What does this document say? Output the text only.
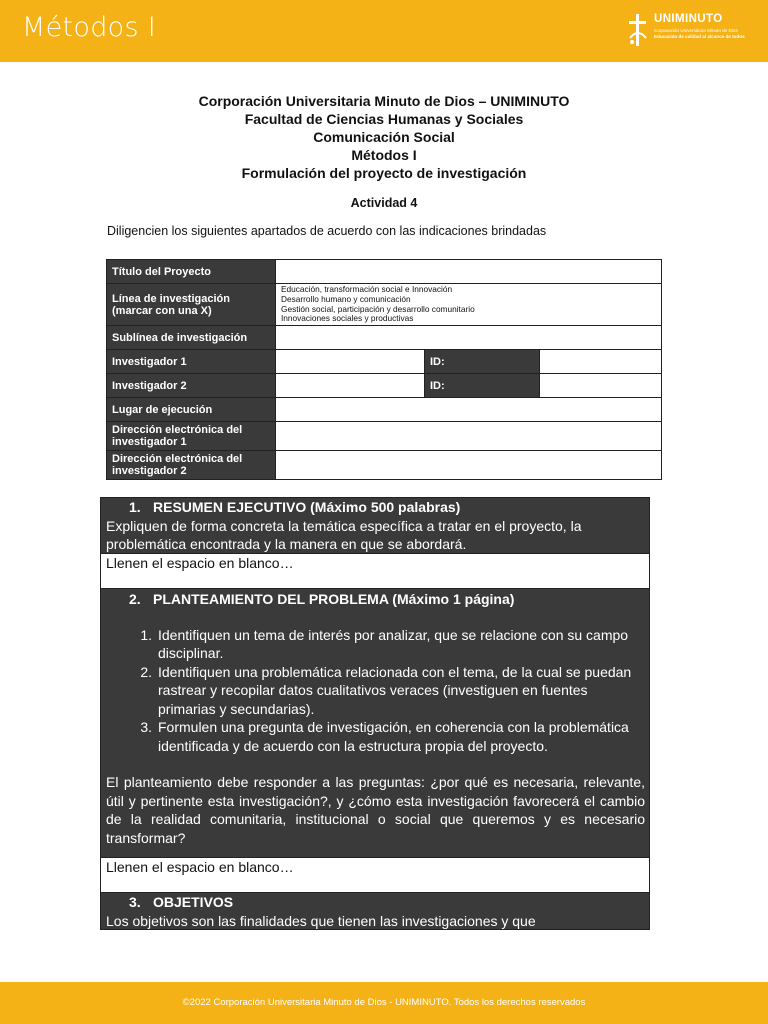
Métodos I	UNIMINUTO
Corporación Universitaria Minuto de Dios
Educación de calidad al alcance de todos
Corporación Universitaria Minuto de Dios – UNIMINUTO
Facultad de Ciencias Humanas y Sociales
Comunicación Social
Métodos I
Formulación del proyecto de investigación
Actividad 4
Diligencien los siguientes apartados de acuerdo con las indicaciones brindadas
Título del Proyecto			
Línea de investigación (marcar con una X)	Educación, transformación social e Innovación
Desarrollo humano y comunicación
Gestión social, participación y desarrollo comunitario
Innovaciones sociales y productivas		

Sublínea de investigación			
Investigador 1		ID:	
Investigador 2		ID:	
Lugar de ejecución			
Dirección electrónica del investigador 1			
Dirección electrónica del investigador 2			
1. RESUMEN EJECUTIVO (Máximo 500 palabras)
Expliquen de forma concreta la temática específica a tratar en el proyecto, la problemática encontrada y la manera en que se abordará.
Llenen el espacio en blanco…
2. PLANTEAMIENTO DEL PROBLEMA (Máximo 1 página)
1. Identifiquen un tema de interés por analizar, que se relacione con su campo disciplinar.
2. Identifiquen una problemática relacionada con el tema, de la cual se puedan rastrear y recopilar datos cualitativos veraces (investiguen en fuentes primarias y secundarias).
3. Formulen una pregunta de investigación, en coherencia con la problemática identificada y de acuerdo con la estructura propia del proyecto.
El planteamiento debe responder a las preguntas: ¿por qué es necesaria, relevante, útil y pertinente esta investigación?, y ¿cómo esta investigación favorecerá el cambio de la realidad comunitaria, institucional o social que queremos y es necesario transformar?
Llenen el espacio en blanco…
3. OBJETIVOS
Los objetivos son las finalidades que tienen las investigaciones y que
©2022 Corporación Universitaria Minuto de Dios - UNIMINUTO. Todos los derechos reservados
